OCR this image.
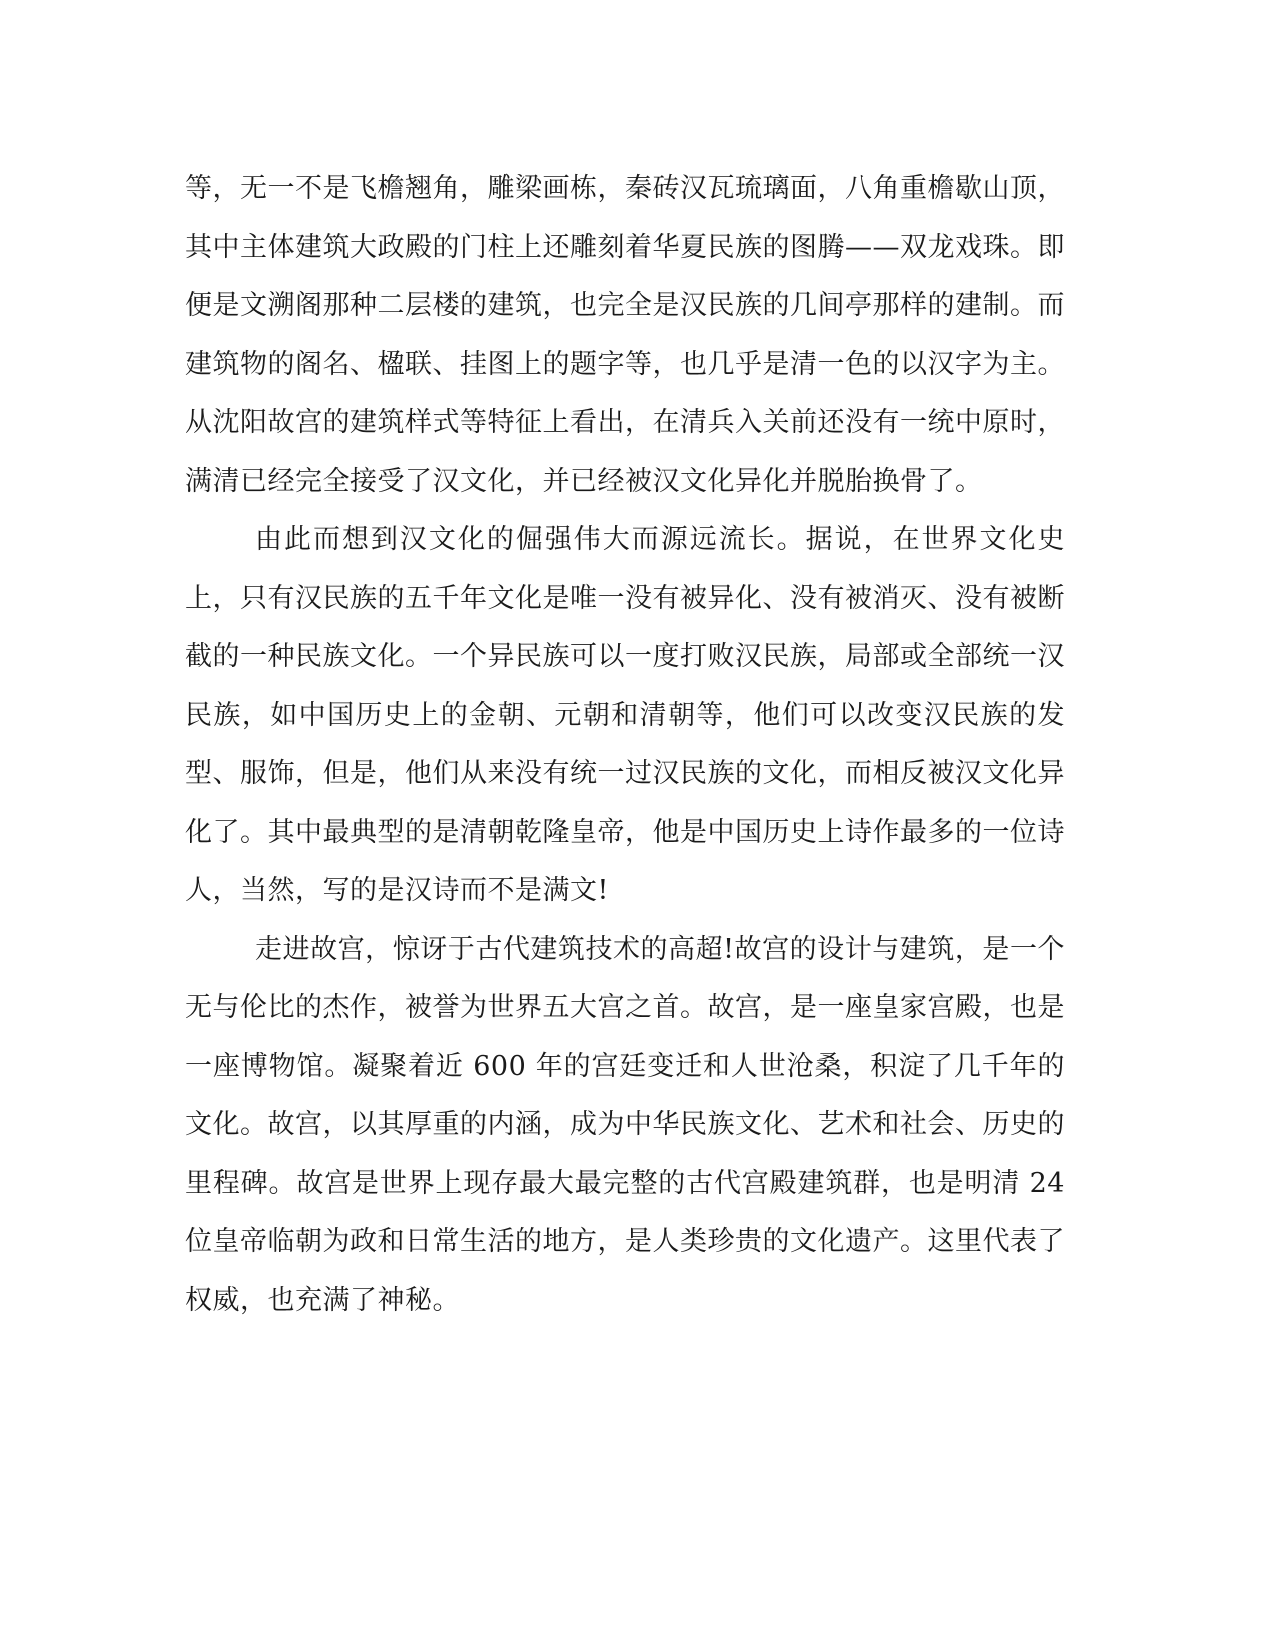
等，无一不是飞檐翘角，雕梁画栋，秦砖汉瓦琉璃面，八角重檐歇山顶，其中主体建筑大政殿的门柱上还雕刻着华夏民族的图腾——双龙戏珠。即便是文溯阁那种二层楼的建筑，也完全是汉民族的几间亭那样的建制。而建筑物的阁名、楹联、挂图上的题字等，也几乎是清一色的以汉字为主。从沈阳故宫的建筑样式等特征上看出，在清兵入关前还没有一统中原时，满清已经完全接受了汉文化，并已经被汉文化异化并脱胎换骨了。

由此而想到汉文化的倔强伟大而源远流长。据说，在世界文化史上，只有汉民族的五千年文化是唯一没有被异化、没有被消灭、没有被断截的一种民族文化。一个异民族可以一度打败汉民族，局部或全部统一汉民族，如中国历史上的金朝、元朝和清朝等，他们可以改变汉民族的发型、服饰，但是，他们从来没有统一过汉民族的文化，而相反被汉文化异化了。其中最典型的是清朝乾隆皇帝，他是中国历史上诗作最多的一位诗人，当然，写的是汉诗而不是满文!

走进故宫，惊讶于古代建筑技术的高超!故宫的设计与建筑，是一个无与伦比的杰作，被誉为世界五大宫之首。故宫，是一座皇家宫殿，也是一座博物馆。凝聚着近 600 年的宫廷变迁和人世沧桑，积淀了几千年的文化。故宫，以其厚重的内涵，成为中华民族文化、艺术和社会、历史的里程碑。故宫是世界上现存最大最完整的古代宫殿建筑群，也是明清 24 位皇帝临朝为政和日常生活的地方，是人类珍贵的文化遗产。这里代表了权威，也充满了神秘。
